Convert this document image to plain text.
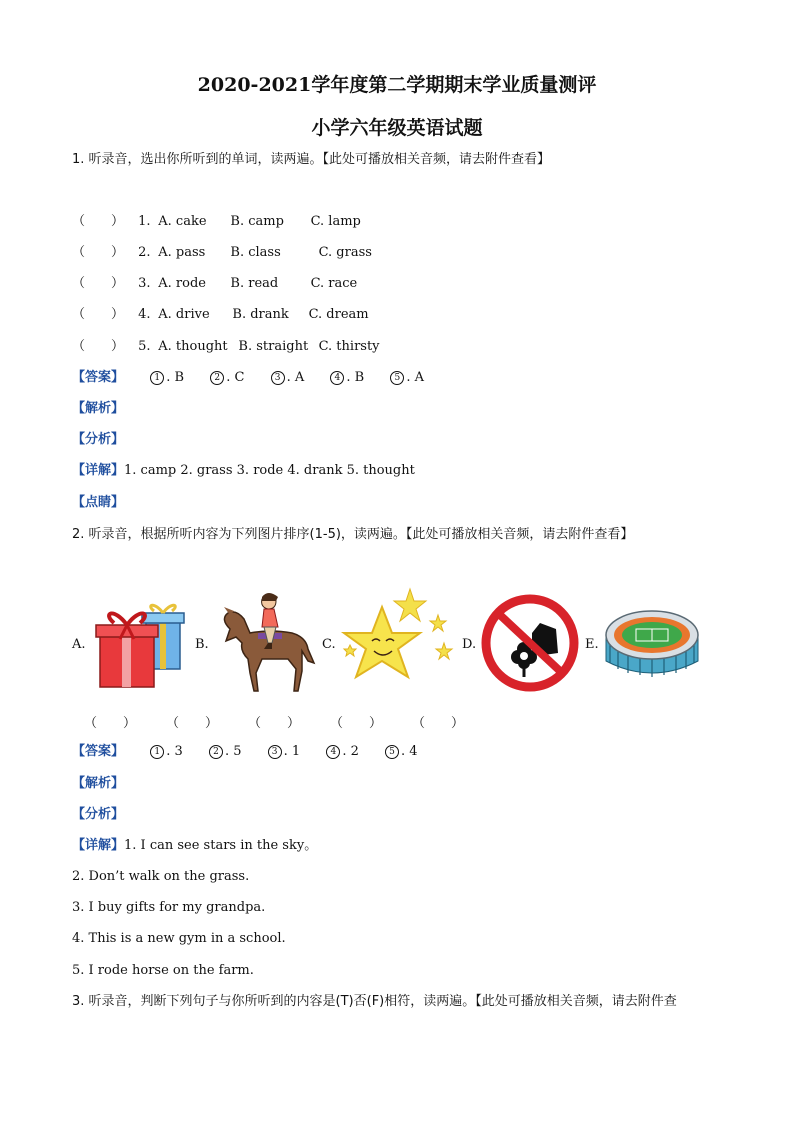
2020-2021学年度第二学期期末学业质量测评
小学六年级英语试题
1. 听录音，选出你所听到的单词，读两遍。【此处可播放相关音频，请去附件查看】
（　　） 1. A. cake B. camp C. lamp
（　　） 2. A. pass B. class	C. grass
（　　） 3. A. rode B. read C. race
（　　） 4. A. drive B. drank C. dream
（　　） 5. A. thought B. straight C. thirsty
【答案】	1 . B	2 . C	3 . A	4 . B	5 . A
【解析】
【分析】
【详解】1. camp 2. grass 3. rode 4. drank 5. thought
【点睛】
2. 听录音，根据所听内容为下列图片排序(1-5)，读两遍。【此处可播放相关音频，请去附件查看】
A.	B.	C.	D.	E.
（　　） （　　） （　　） （　　） （　　）
【答案】	1 . 3	2 . 5	3 . 1	4 . 2	5 . 4
【解析】
【分析】
【详解】1. I can see stars in the sky。
2. Don’t walk on the grass.
3. I buy gifts for my grandpa.
4. This is a new gym in a school.
5. I rode horse on the farm.
3. 听录音，判断下列句子与你所听到的内容是(T)否(F)相符，读两遍。【此处可播放相关音频，请去附件查
